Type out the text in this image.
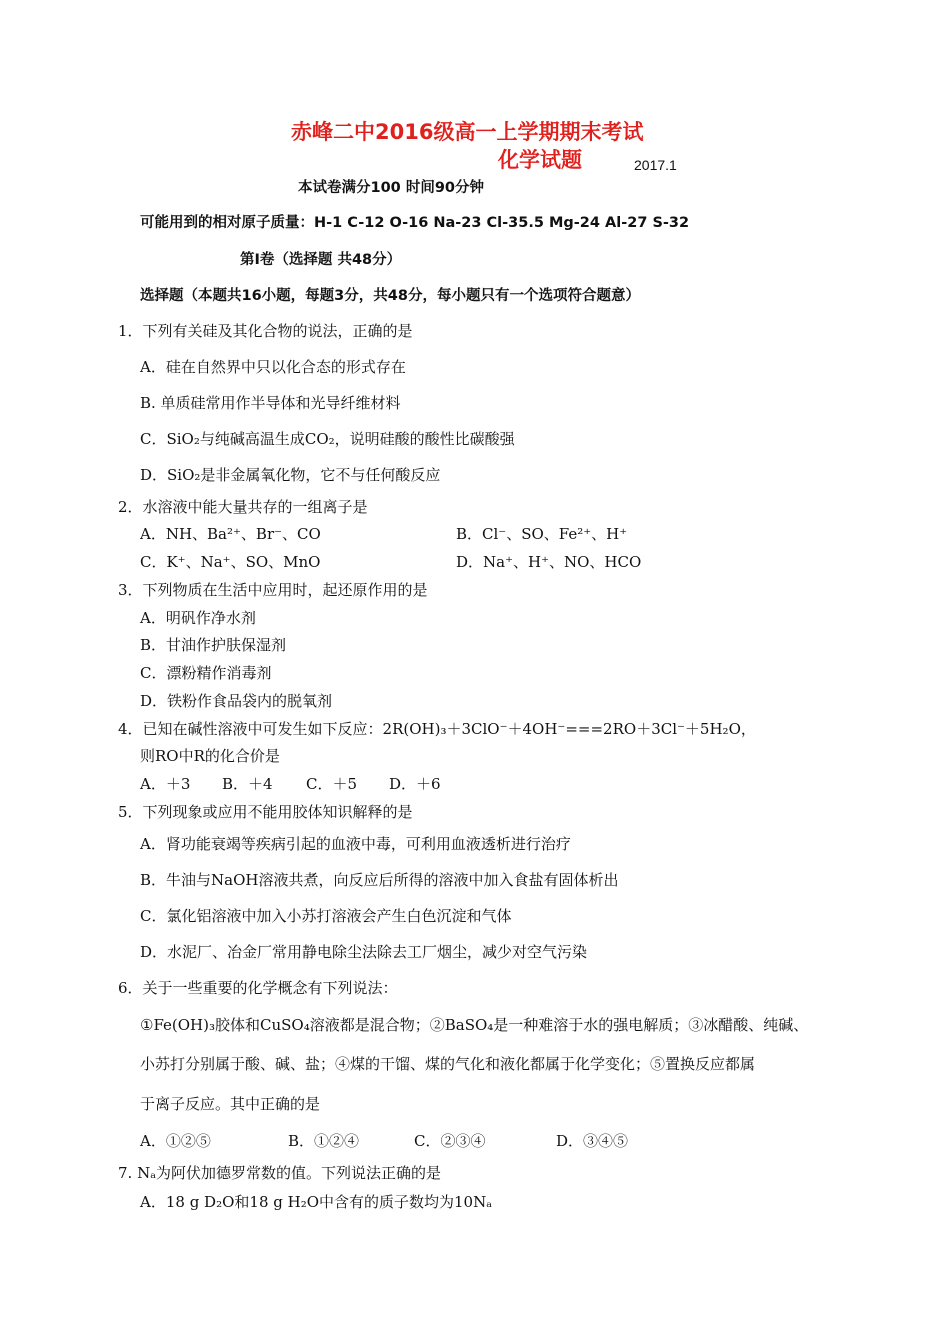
赤峰二中2016级高一上学期期末考试
化学试题	2017.1
本试卷满分100 时间90分钟
可能用到的相对原子质量：H-1 C-12 O-16 Na-23 Cl-35.5 Mg-24 Al-27 S-32
第Ⅰ卷（选择题 共48分）
选择题（本题共16小题，每题3分，共48分，每小题只有一个选项符合题意）
1．下列有关硅及其化合物的说法，正确的是
A．硅在自然界中只以化合态的形式存在
B. 单质硅常用作半导体和光导纤维材料
C．SiO₂与纯碱高温生成CO₂，说明硅酸的酸性比碳酸强
D．SiO₂是非金属氧化物，它不与任何酸反应
2．水溶液中能大量共存的一组离子是
A．NH、Ba²⁺、Br⁻、CO	B．Cl⁻、SO、Fe²⁺、H⁺
C．K⁺、Na⁺、SO、MnO	D．Na⁺、H⁺、NO、HCO
3．下列物质在生活中应用时，起还原作用的是
A．明矾作净水剂
B．甘油作护肤保湿剂
C．漂粉精作消毒剂
D．铁粉作食品袋内的脱氧剂
4．已知在碱性溶液中可发生如下反应：2R(OH)₃＋3ClO⁻＋4OH⁻===2RO＋3Cl⁻＋5H₂O，
则RO中R的化合价是
A．＋3 B．＋4 C．＋5 D．＋6
5．下列现象或应用不能用胶体知识解释的是
A．肾功能衰竭等疾病引起的血液中毒，可利用血液透析进行治疗
B．牛油与NaOH溶液共煮，向反应后所得的溶液中加入食盐有固体析出
C．氯化铝溶液中加入小苏打溶液会产生白色沉淀和气体
D．水泥厂、冶金厂常用静电除尘法除去工厂烟尘，减少对空气污染
6．关于一些重要的化学概念有下列说法：
①Fe(OH)₃胶体和CuSO₄溶液都是混合物；②BaSO₄是一种难溶于水的强电解质；③冰醋酸、纯碱、
小苏打分别属于酸、碱、盐；④煤的干馏、煤的气化和液化都属于化学变化；⑤置换反应都属
于离子反应。其中正确的是
A．①②⑤	B．①②④	C．②③④	D．③④⑤
7. Nₐ为阿伏加德罗常数的值。下列说法正确的是
A．18 g D₂O和18 g H₂O中含有的质子数均为10Nₐ
